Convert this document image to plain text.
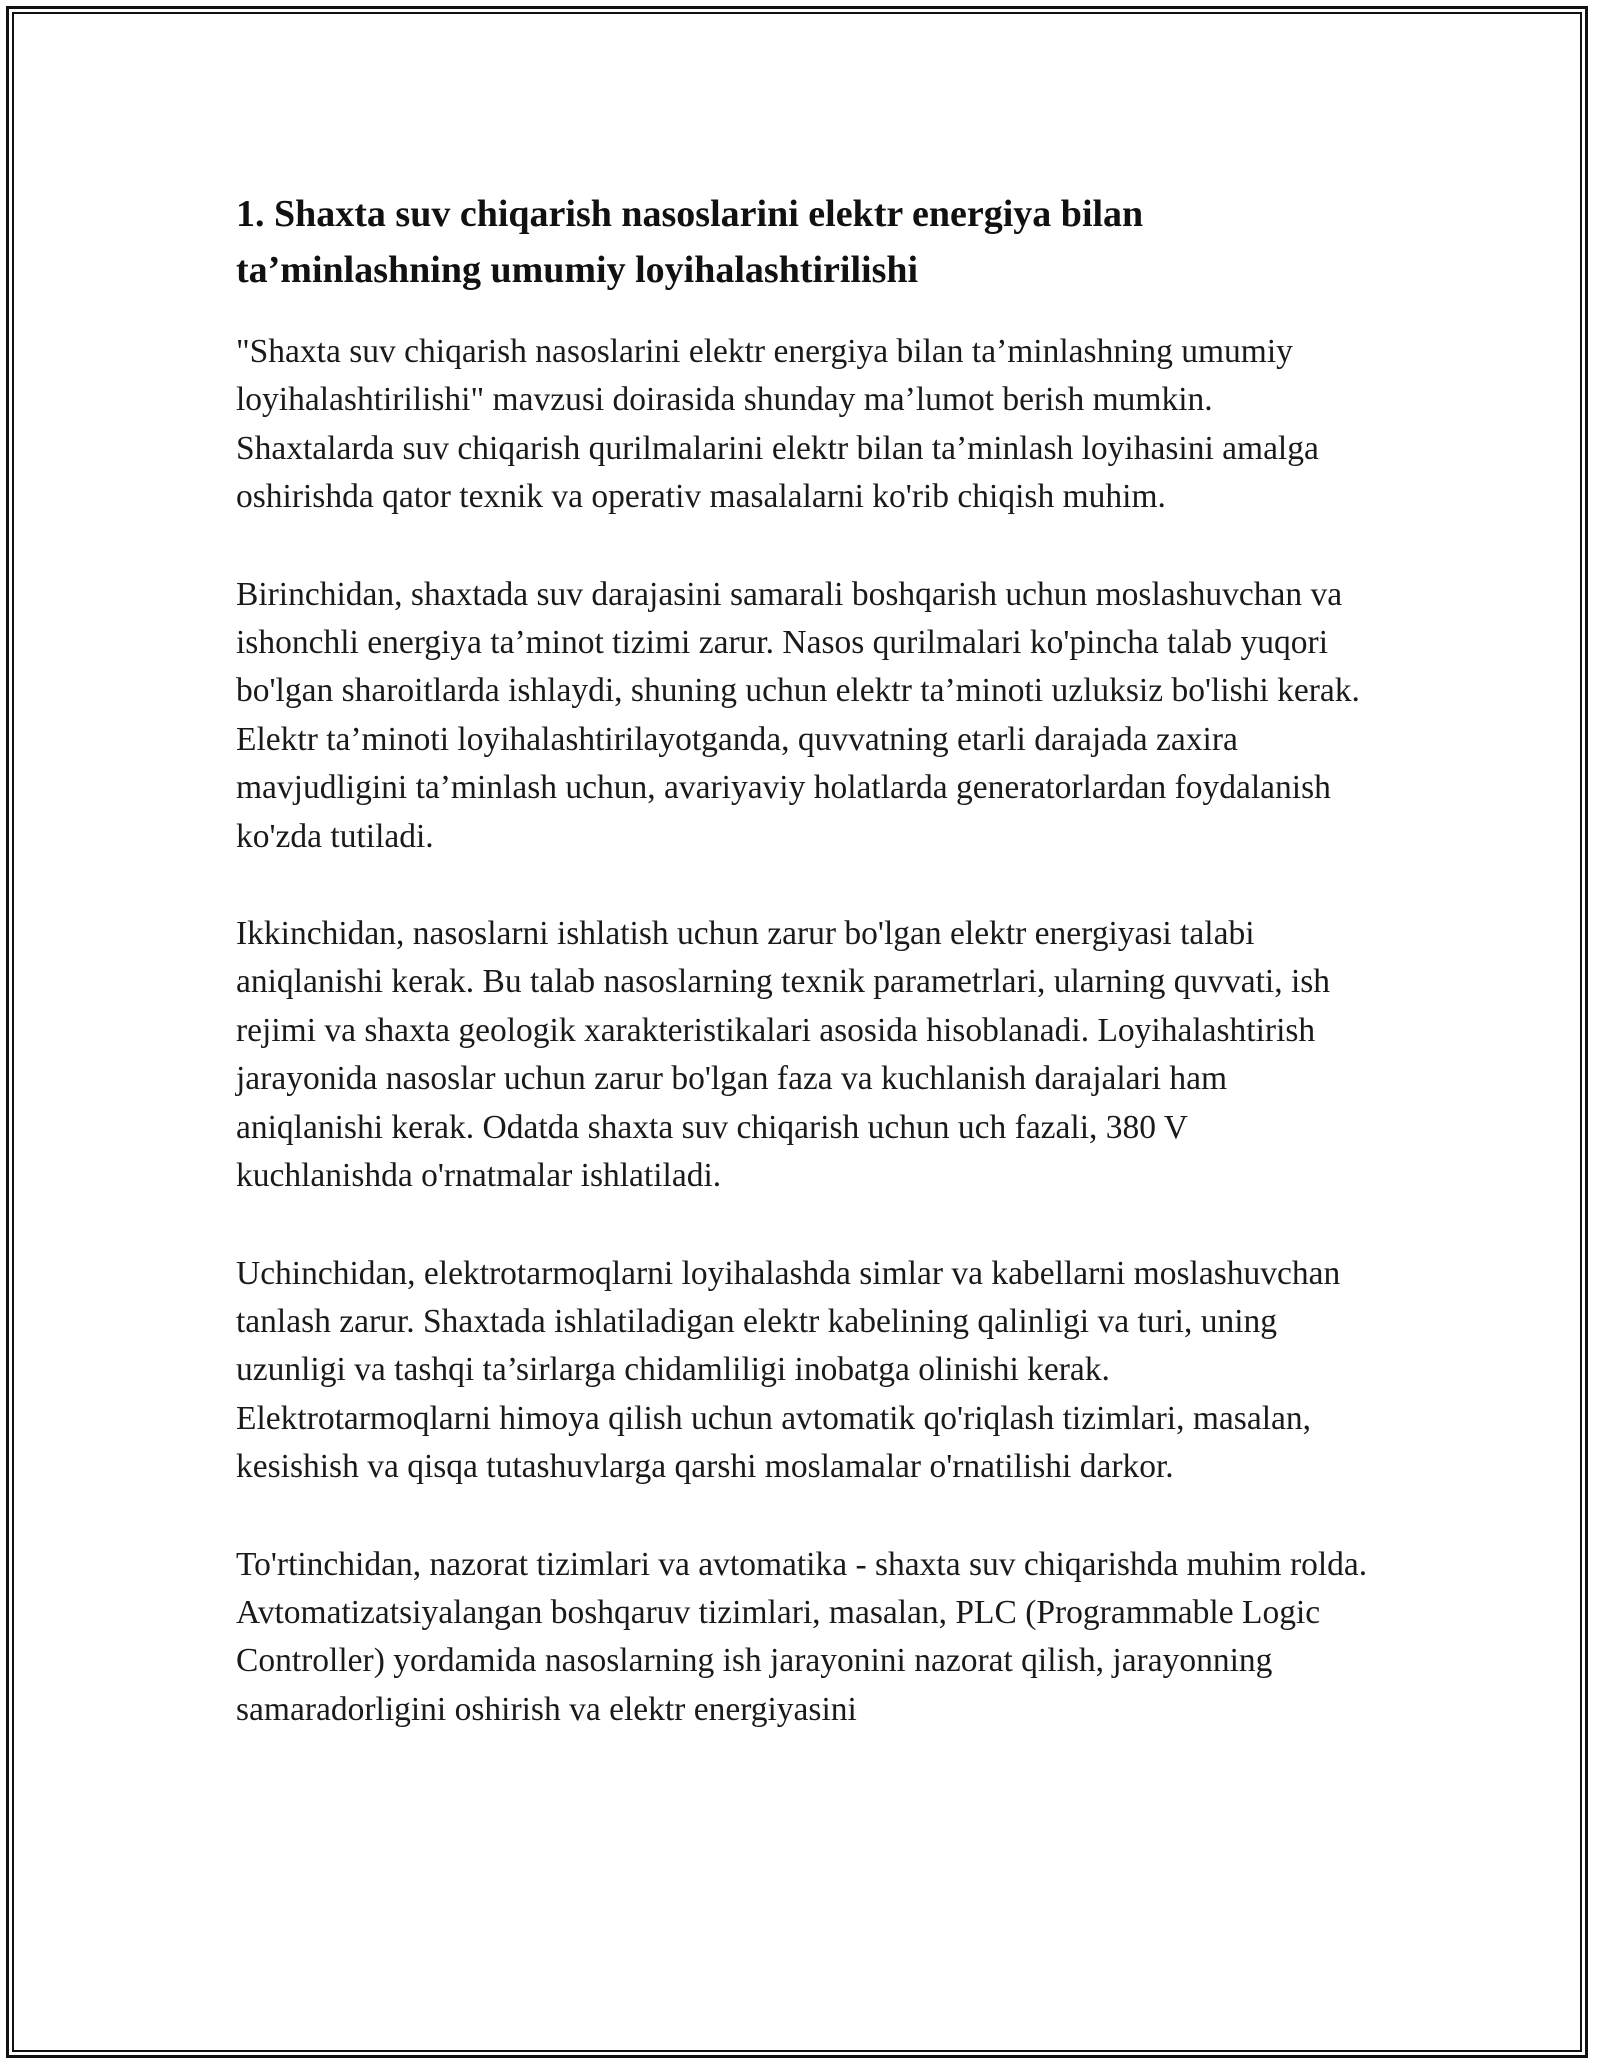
1. Shaxta suv chiqarish nasoslarini elektr energiya bilan ta’minlashning umumiy loyihalashtirilishi

"Shaxta suv chiqarish nasoslarini elektr energiya bilan ta’minlashning umumiy loyihalashtirilishi" mavzusi doirasida shunday ma’lumot berish mumkin. Shaxtalarda suv chiqarish qurilmalarini elektr bilan ta’minlash loyihasini amalga oshirishda qator texnik va operativ masalalarni ko'rib chiqish muhim.

Birinchidan, shaxtada suv darajasini samarali boshqarish uchun moslashuvchan va ishonchli energiya ta’minot tizimi zarur. Nasos qurilmalari ko'pincha talab yuqori bo'lgan sharoitlarda ishlaydi, shuning uchun elektr ta’minoti uzluksiz bo'lishi kerak. Elektr ta’minoti loyihalashtirilayotganda, quvvatning etarli darajada zaxira mavjudligini ta’minlash uchun, avariyaviy holatlarda generatorlardan foydalanish ko'zda tutiladi.

Ikkinchidan, nasoslarni ishlatish uchun zarur bo'lgan elektr energiyasi talabi aniqlanishi kerak. Bu talab nasoslarning texnik parametrlari, ularning quvvati, ish rejimi va shaxta geologik xarakteristikalari asosida hisoblanadi. Loyihalashtirish jarayonida nasoslar uchun zarur bo'lgan faza va kuchlanish darajalari ham aniqlanishi kerak. Odatda shaxta suv chiqarish uchun uch fazali, 380 V kuchlanishda o'rnatmalar ishlatiladi.

Uchinchidan, elektrotarmoqlarni loyihalashda simlar va kabellarni moslashuvchan tanlash zarur. Shaxtada ishlatiladigan elektr kabelining qalinligi va turi, uning uzunligi va tashqi ta’sirlarga chidamliligi inobatga olinishi kerak. Elektrotarmoqlarni himoya qilish uchun avtomatik qo'riqlash tizimlari, masalan, kesishish va qisqa tutashuvlarga qarshi moslamalar o'rnatilishi darkor.

To'rtinchidan, nazorat tizimlari va avtomatika - shaxta suv chiqarishda muhim rolda. Avtomatizatsiyalangan boshqaruv tizimlari, masalan, PLC (Programmable Logic Controller) yordamida nasoslarning ish jarayonini nazorat qilish, jarayonning samaradorligini oshirish va elektr energiyasini
